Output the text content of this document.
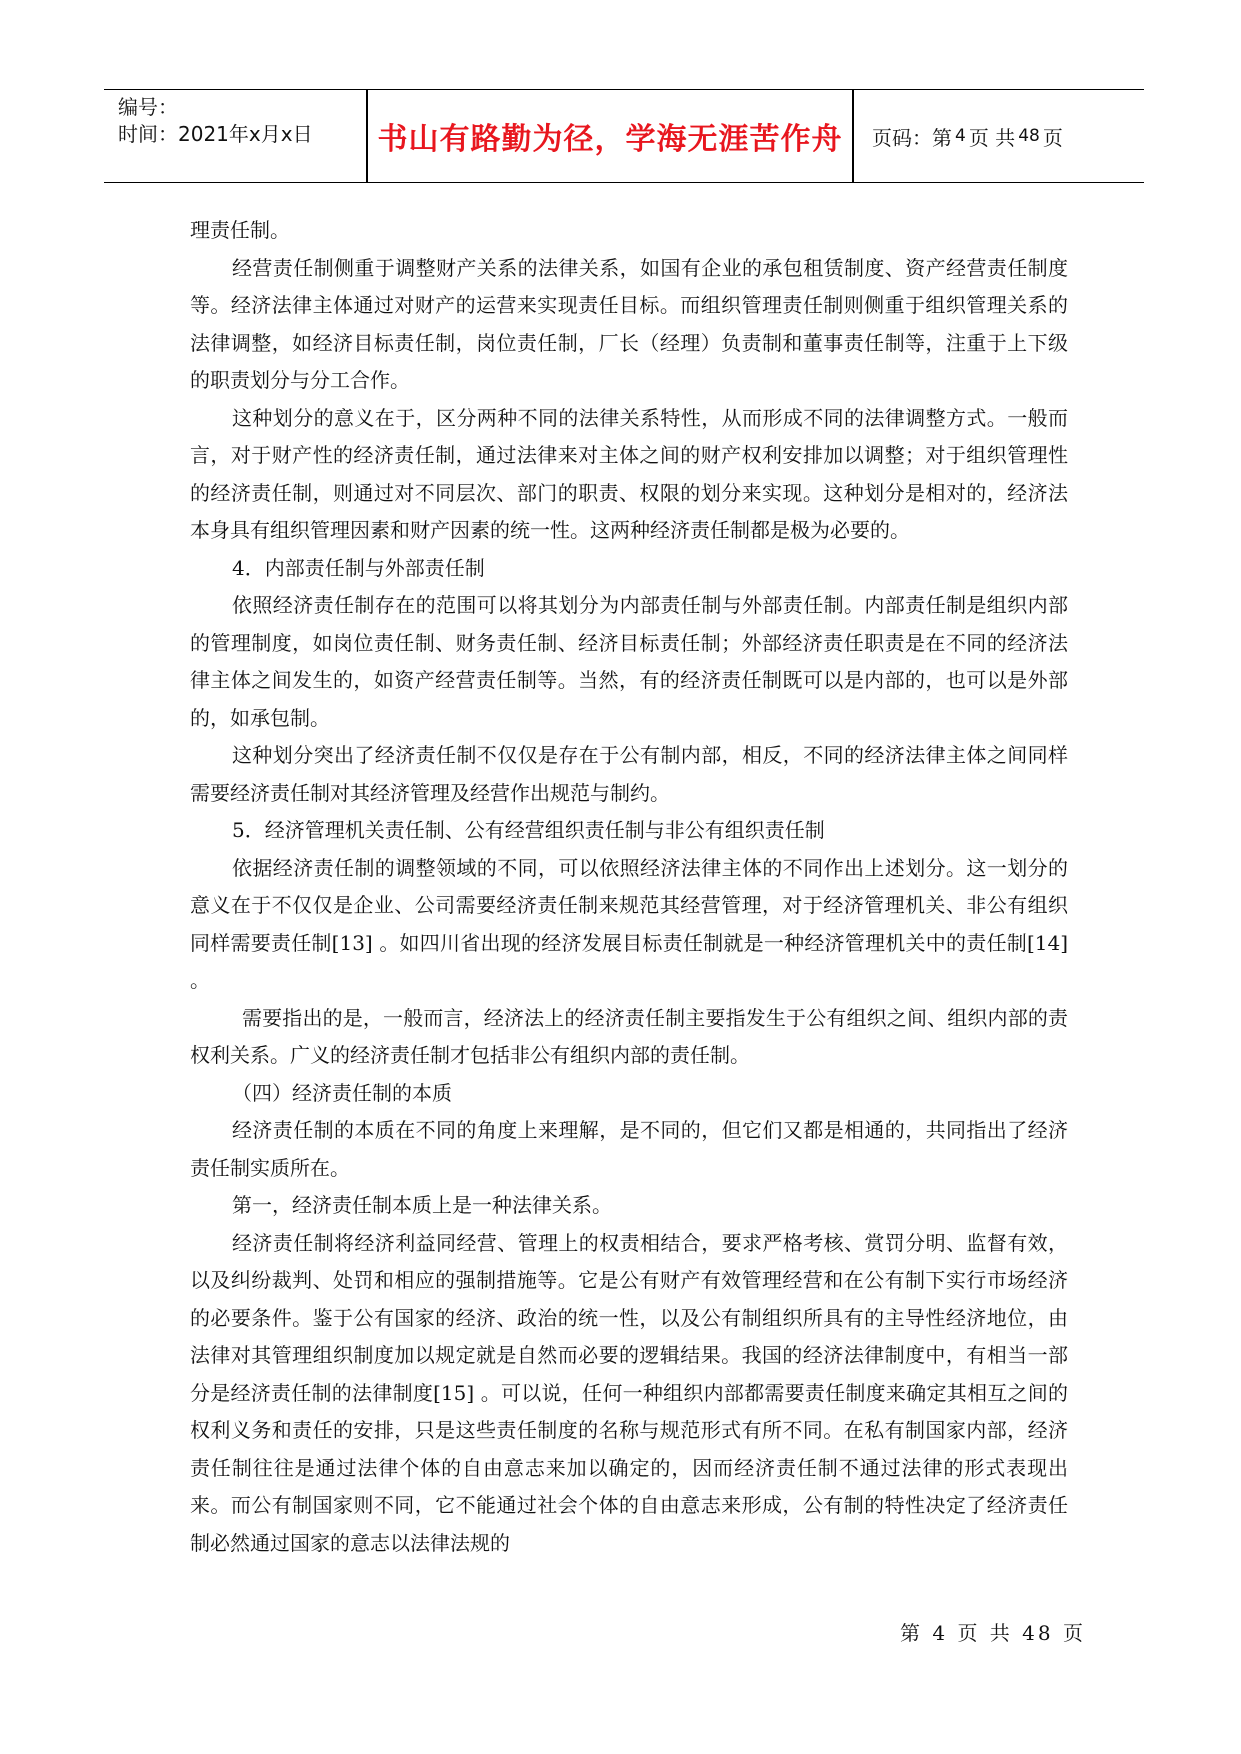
编号：
时间：2021年x月x日	书山有路勤为径，学海无涯苦作舟	页码：第 4 页 共 48 页

理责任制。

经营责任制侧重于调整财产关系的法律关系，如国有企业的承包租赁制度、资产经营责任制度等。经济法律主体通过对财产的运营来实现责任目标。而组织管理责任制则侧重于组织管理关系的法律调整，如经济目标责任制，岗位责任制，厂长（经理）负责制和董事责任制等，注重于上下级的职责划分与分工合作。

这种划分的意义在于，区分两种不同的法律关系特性，从而形成不同的法律调整方式。一般而言，对于财产性的经济责任制，通过法律来对主体之间的财产权利安排加以调整；对于组织管理性的经济责任制，则通过对不同层次、部门的职责、权限的划分来实现。这种划分是相对的，经济法本身具有组织管理因素和财产因素的统一性。这两种经济责任制都是极为必要的。

4．内部责任制与外部责任制

依照经济责任制存在的范围可以将其划分为内部责任制与外部责任制。内部责任制是组织内部的管理制度，如岗位责任制、财务责任制、经济目标责任制；外部经济责任职责是在不同的经济法律主体之间发生的，如资产经营责任制等。当然，有的经济责任制既可以是内部的，也可以是外部的，如承包制。

这种划分突出了经济责任制不仅仅是存在于公有制内部，相反，不同的经济法律主体之间同样需要经济责任制对其经济管理及经营作出规范与制约。

5．经济管理机关责任制、公有经营组织责任制与非公有组织责任制

依据经济责任制的调整领域的不同，可以依照经济法律主体的不同作出上述划分。这一划分的意义在于不仅仅是企业、公司需要经济责任制来规范其经营管理，对于经济管理机关、非公有组织同样需要责任制[13] 。如四川省出现的经济发展目标责任制就是一种经济管理机关中的责任制[14] 。

需要指出的是，一般而言，经济法上的经济责任制主要指发生于公有组织之间、组织内部的责权利关系。广义的经济责任制才包括非公有组织内部的责任制。

（四）经济责任制的本质

经济责任制的本质在不同的角度上来理解，是不同的，但它们又都是相通的，共同指出了经济责任制实质所在。

第一，经济责任制本质上是一种法律关系。

经济责任制将经济利益同经营、管理上的权责相结合，要求严格考核、赏罚分明、监督有效，以及纠纷裁判、处罚和相应的强制措施等。它是公有财产有效管理经营和在公有制下实行市场经济的必要条件。鉴于公有国家的经济、政治的统一性，以及公有制组织所具有的主导性经济地位，由法律对其管理组织制度加以规定就是自然而必要的逻辑结果。我国的经济法律制度中，有相当一部分是经济责任制的法律制度[15] 。可以说，任何一种组织内部都需要责任制度来确定其相互之间的权利义务和责任的安排，只是这些责任制度的名称与规范形式有所不同。在私有制国家内部，经济责任制往往是通过法律个体的自由意志来加以确定的，因而经济责任制不通过法律的形式表现出来。而公有制国家则不同，它不能通过社会个体的自由意志来形成，公有制的特性决定了经济责任制必然通过国家的意志以法律法规的

第 4 页 共 48 页
